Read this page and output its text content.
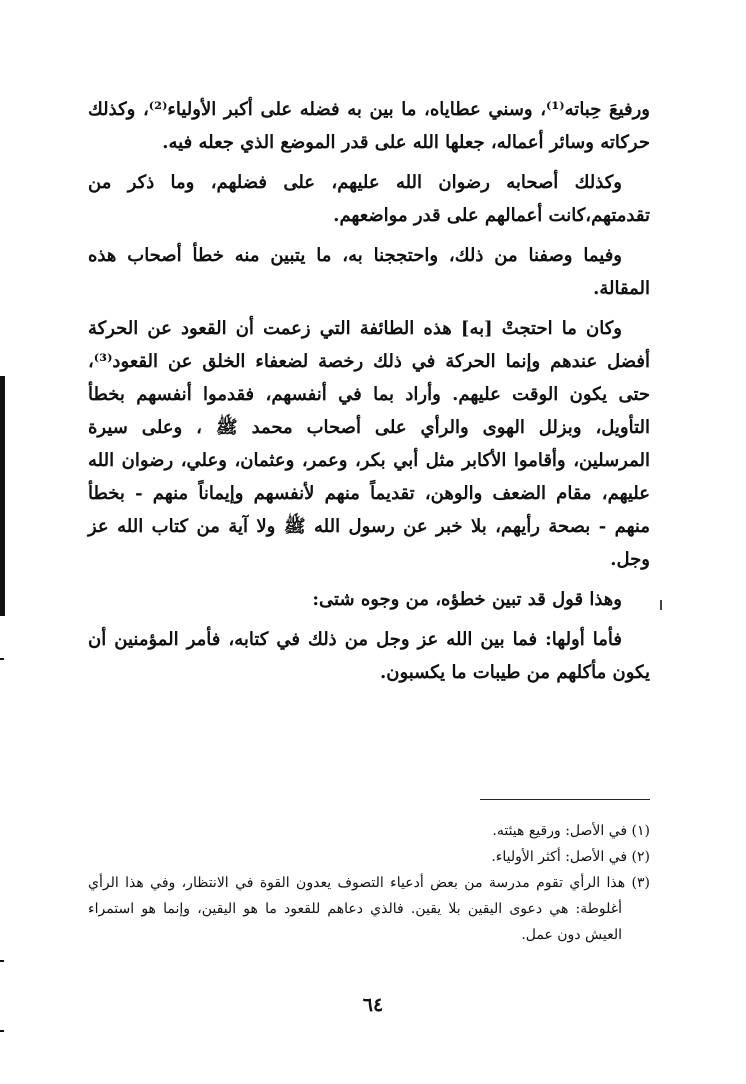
ورفيعَ حِباته⁽¹⁾، وسني عطاياه، ما بين به فضله على أكبر الأولياء⁽²⁾، وكذلك حركاته وسائر أعماله، جعلها الله على قدر الموضع الذي جعله فيه.

وكذلك أصحابه رضوان الله عليهم، على فضلهم، وما ذكر من تقدمتهم،كانت أعمالهم على قدر مواضعهم.

وفيما وصفنا من ذلك، واحتججنا به، ما يتبين منه خطأ أصحاب هذه المقالة.

وكان ما احتجتْ [به] هذه الطائفة التي زعمت أن القعود عن الحركة أفضل عندهم وإنما الحركة في ذلك رخصة لضعفاء الخلق عن القعود⁽³⁾، حتى يكون الوقت عليهم. وأراد بما في أنفسهم، فقدموا أنفسهم بخطأ التأويل، وبزلل الهوى والرأي على أصحاب محمد ﷺ ، وعلى سيرة المرسلين، وأقاموا الأكابر مثل أبي بكر، وعمر، وعثمان، وعلي، رضوان الله عليهم، مقام الضعف والوهن، تقديماً منهم لأنفسهم وإيماناً منهم - بخطأ منهم - بصحة رأيهم، بلا خبر عن رسول الله ﷺ ولا آية من كتاب الله عز وجل.

وهذا قول قد تبين خطؤه، من وجوه شتى:

فأما أولها: فما بين الله عز وجل من ذلك في كتابه، فأمر المؤمنين أن يكون مأكلهم من طيبات ما يكسبون.

(١) في الأصل: ورقيع هيئته.

(٢) في الأصل: أكثر الأولياء.

(٣) هذا الرأي تقوم مدرسة من بعض أدعياء التصوف يعدون القوة في الانتظار، وفي هذا الرأي أغلوطة: هي دعوى اليقين بلا يقين. فالذي دعاهم للقعود ما هو اليقين، وإنما هو استمراء العيش دون عمل.

٦٤
